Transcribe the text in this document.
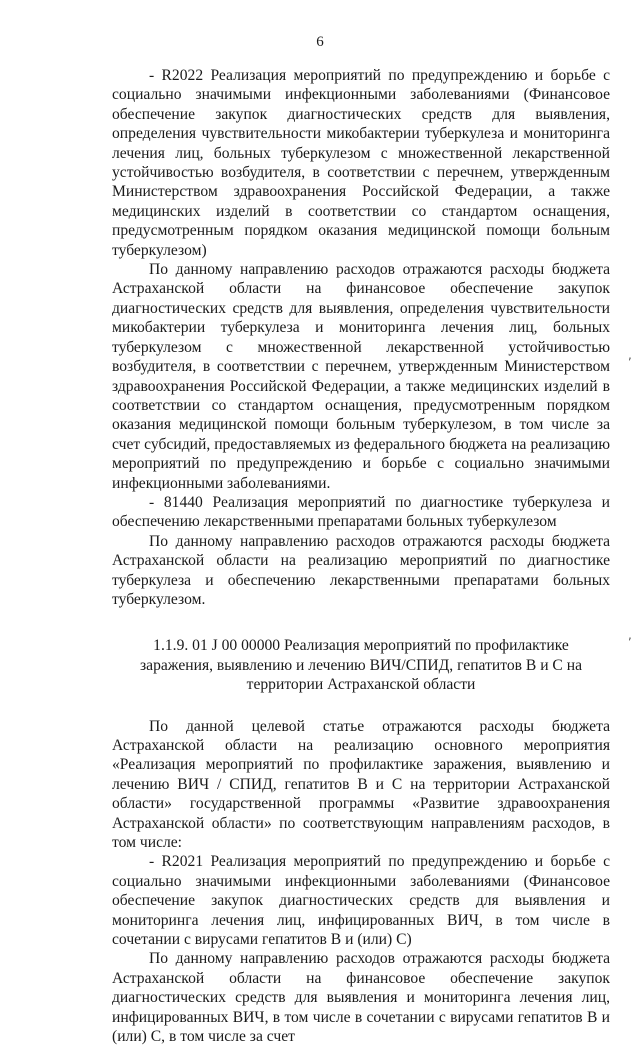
6

- R2022 Реализация мероприятий по предупреждению и борьбе с социально значимыми инфекционными заболеваниями (Финансовое обеспечение закупок диагностических средств для выявления, определения чувствительности микобактерии туберкулеза и мониторинга лечения лиц, больных туберкулезом с множественной лекарственной устойчивостью возбудителя, в соответствии с перечнем, утвержденным Министерством здравоохранения Российской Федерации, а также медицинских изделий в соответствии со стандартом оснащения, предусмотренным порядком оказания медицинской помощи больным туберкулезом)

По данному направлению расходов отражаются расходы бюджета Астраханской области на финансовое обеспечение закупок диагностических средств для выявления, определения чувствительности микобактерии туберкулеза и мониторинга лечения лиц, больных туберкулезом с множественной лекарственной устойчивостью возбудителя, в соответствии с перечнем, утвержденным Министерством здравоохранения Российской Федерации, а также медицинских изделий в соответствии со стандартом оснащения, предусмотренным порядком оказания медицинской помощи больным туберкулезом, в том числе за счет субсидий, предоставляемых из федерального бюджета на реализацию мероприятий по предупреждению и борьбе с социально значимыми инфекционными заболеваниями.

- 81440 Реализация мероприятий по диагностике туберкулеза и обеспечению лекарственными препаратами больных туберкулезом

По данному направлению расходов отражаются расходы бюджета Астраханской области на реализацию мероприятий по диагностике туберкулеза и обеспечению лекарственными препаратами больных туберкулезом.

1.1.9. 01 J 00 00000 Реализация мероприятий по профилактике заражения, выявлению и лечению ВИЧ/СПИД, гепатитов В и С на территории Астраханской области

По данной целевой статье отражаются расходы бюджета Астраханской области на реализацию основного мероприятия «Реализация мероприятий по профилактике заражения, выявлению и лечению ВИЧ / СПИД, гепатитов В и С на территории Астраханской области» государственной программы «Развитие здравоохранения Астраханской области» по соответствующим направлениям расходов, в том числе:

- R2021 Реализация мероприятий по предупреждению и борьбе с социально значимыми инфекционными заболеваниями (Финансовое обеспечение закупок диагностических средств для выявления и мониторинга лечения лиц, инфицированных ВИЧ, в том числе в сочетании с вирусами гепатитов В и (или) С)

По данному направлению расходов отражаются расходы бюджета Астраханской области на финансовое обеспечение закупок диагностических средств для выявления и мониторинга лечения лиц, инфицированных ВИЧ, в том числе в сочетании с вирусами гепатитов В и (или) С, в том числе за счет

,
,
